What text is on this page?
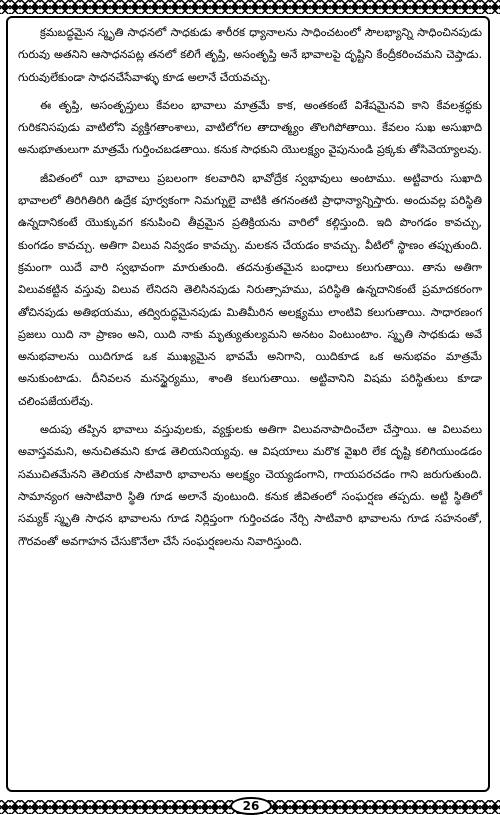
క్రమబద్ధమైన స్మృతి సాధనలో సాధకుడు శారీరక ధ్యానాలను సాధించటంలో సౌలభ్యాన్ని సాధించినపుడు గురువు అతనిని ఆసాధనపట్ల తనలో కలిగే తృప్తి, అసంతృప్తి అనే భావాలపై దృష్టిని కేంద్రీకరించమని చెప్తాడు. గురువులేకుండా సాధనచేసేవాళ్ళు కూడ అలానే చేయవచ్చు.

ఈ తృప్తి, అసంతృప్తులు కేవలం భావాలు మాత్రమే కాక, అంతకంటే విశేషమైనవి కాని కేవలశ్రద్ధకు గురికనిసపుడు వాటిలోని వ్యక్తిగతాంశాలు, వాటిలోగల తాదాత్మ్యం తొలగిపోతాయి. కేవలం సుఖ అసుఖాది అనుభూతులుగా మాత్రమే గుర్తించబడతాయి. కనుక సాధకుని యొలక్ష్యం వైపునుండి ప్రక్కకు తోసివెయ్యాలవు.

జీవితంలో యీ భావాలు ప్రబలంగా కలవారిని భావోద్రేక స్వభావులు అంటాము. అట్టివారు సుఖాది భావాలలో తిరిగితిరిగి ఉద్రేక పూర్వకంగా నిమగ్నులై వాటికి తగనంతటి ప్రాధాన్యాన్నిస్తారు. అందువల్ల పరిస్థితి ఉన్నదానికంటే యొక్కువగ కనుపించి తీవ్రమైన ప్రతిక్రియను వారిలో కల్గిస్తుంది. ఇది పొంగడం కావచ్చు, కుంగడం కావచ్చు. అతిగా విలువ నివ్వడం కావచ్చు. మలకన చేయడం కావచ్చు. వీటిలో స్థాణం తప్పుతుంది. క్రమంగా యిదే వారి స్వభావంగా మారుతుంది. తదనుశ్రుతమైన బంధాలు కలుగుతాయి. తాను అతిగా విలువకట్టిన వస్తువు విలువ లేనిదని తెలిసినపుడు నిరుత్సాహము, పరిస్థితి ఉన్నదానికంటే ప్రమాదకరంగా తోచినపుడు అతిభయము, తద్విరుద్ధమైనపుడు మితిమీరిన అలక్ష్యము లాంటివి కలుగుతాయి. సాధారణంగ ప్రజలు యిది నా ప్రాణం అని, యిది నాకు మృత్యుతుల్యమని అనటం వింటుంటాం. స్మృతి సాధకుడు అవే అనుభవాలను యిదిగూడ ఒక ముఖ్యమైన భావమే అనిగాని, యిదికూడ ఒక అనుభవం మాత్రమే అనుకుంటాడు. దీనివలన మనస్థైర్యము, శాంతి కలుగుతాయి. అట్టివానిని విషమ పరిస్థితులు కూడా చలింపజేయలేవు.

అదుపు తప్పిన భావాలు వస్తువులకు, వ్యక్తులకు అతిగా విలువనాపాదించేలా చేస్తాయి. ఆ విలువలు అవాస్తవమని, అనుచితమని కూడ తెలియనియ్యవు. ఆ విషయాలు మరొక వైఖరి లేక దృష్టి కలిగియుండడం సముచితమేనని తెలియక సాటివారి భావాలను అలక్ష్యం చెయ్యడంగాని, గాయపరచడం గాని జరుగుతుంది. సామాన్యంగ ఆసాటివారి స్థితి గూడ అలానే వుంటుంది. కనుక జీవితంలో సంఘర్షణ తప్పదు. అట్టి స్థితిలో సమ్యక్ స్మృతి సాధన భావాలను గూడ నిర్లిప్తంగా గుర్తించడం నేర్చి సాటివారి భావాలను గూడ సహనంతో, గౌరవంతో అవగాహన చేసుకొనేలా చేసే సంఘర్షణలను నివారిస్తుంది.

26
